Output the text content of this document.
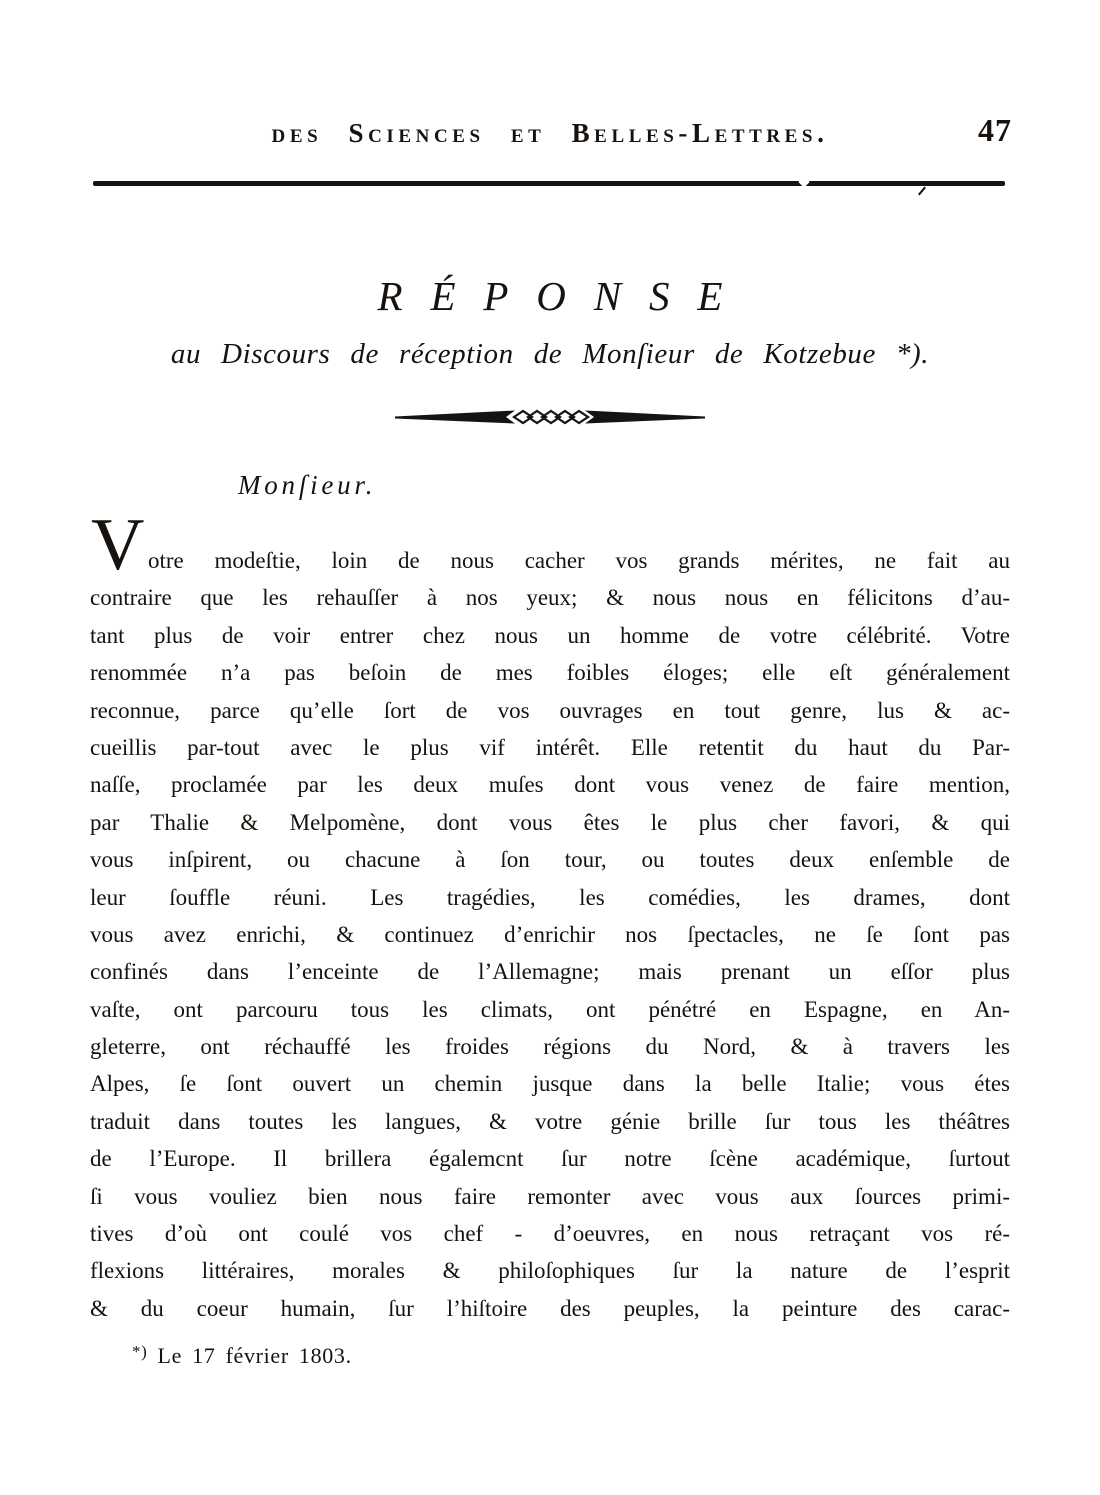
des Sciences et Belles-Lettres.	47
RÉPONSE
au Discours de réception de Monſieur de Kotzebue *).
Monſieur.
V otre modeſtie, loin de nous cacher vos grands mérites, ne fait au
contraire que les rehauſſer à nos yeux; & nous nous en félicitons d’au-
tant plus de voir entrer chez nous un homme de votre célébrité. Votre
renommée n’a pas beſoin de mes foibles éloges; elle eſt généralement
reconnue, parce qu’elle ſort de vos ouvrages en tout genre, lus & ac-
cueillis par-tout avec le plus vif intérêt. Elle retentit du haut du Par-
naſſe, proclamée par les deux muſes dont vous venez de faire mention,
par Thalie & Melpomène, dont vous êtes le plus cher favori, & qui
vous inſpirent, ou chacune à ſon tour, ou toutes deux enſemble de
leur ſouffle réuni. Les tragédies, les comédies, les drames, dont
vous avez enrichi, & continuez d’enrichir nos ſpectacles, ne ſe ſont pas
confinés dans l’enceinte de l’Allemagne; mais prenant un eſſor plus
vaſte, ont parcouru tous les climats, ont pénétré en Espagne, en An-
gleterre, ont réchauffé les froides régions du Nord, & à travers les
Alpes, ſe ſont ouvert un chemin jusque dans la belle Italie; vous étes
traduit dans toutes les langues, & votre génie brille ſur tous les théâtres
de l’Europe. Il brillera égalemcnt ſur notre ſcène académique, ſurtout
ſi vous vouliez bien nous faire remonter avec vous aux ſources primi-
tives d’où ont coulé vos chef - d’oeuvres, en nous retraçant vos ré-
flexions littéraires, morales & philoſophiques ſur la nature de l’esprit
& du coeur humain, ſur l’hiſtoire des peuples, la peinture des carac-
*) Le 17 février 1803.
